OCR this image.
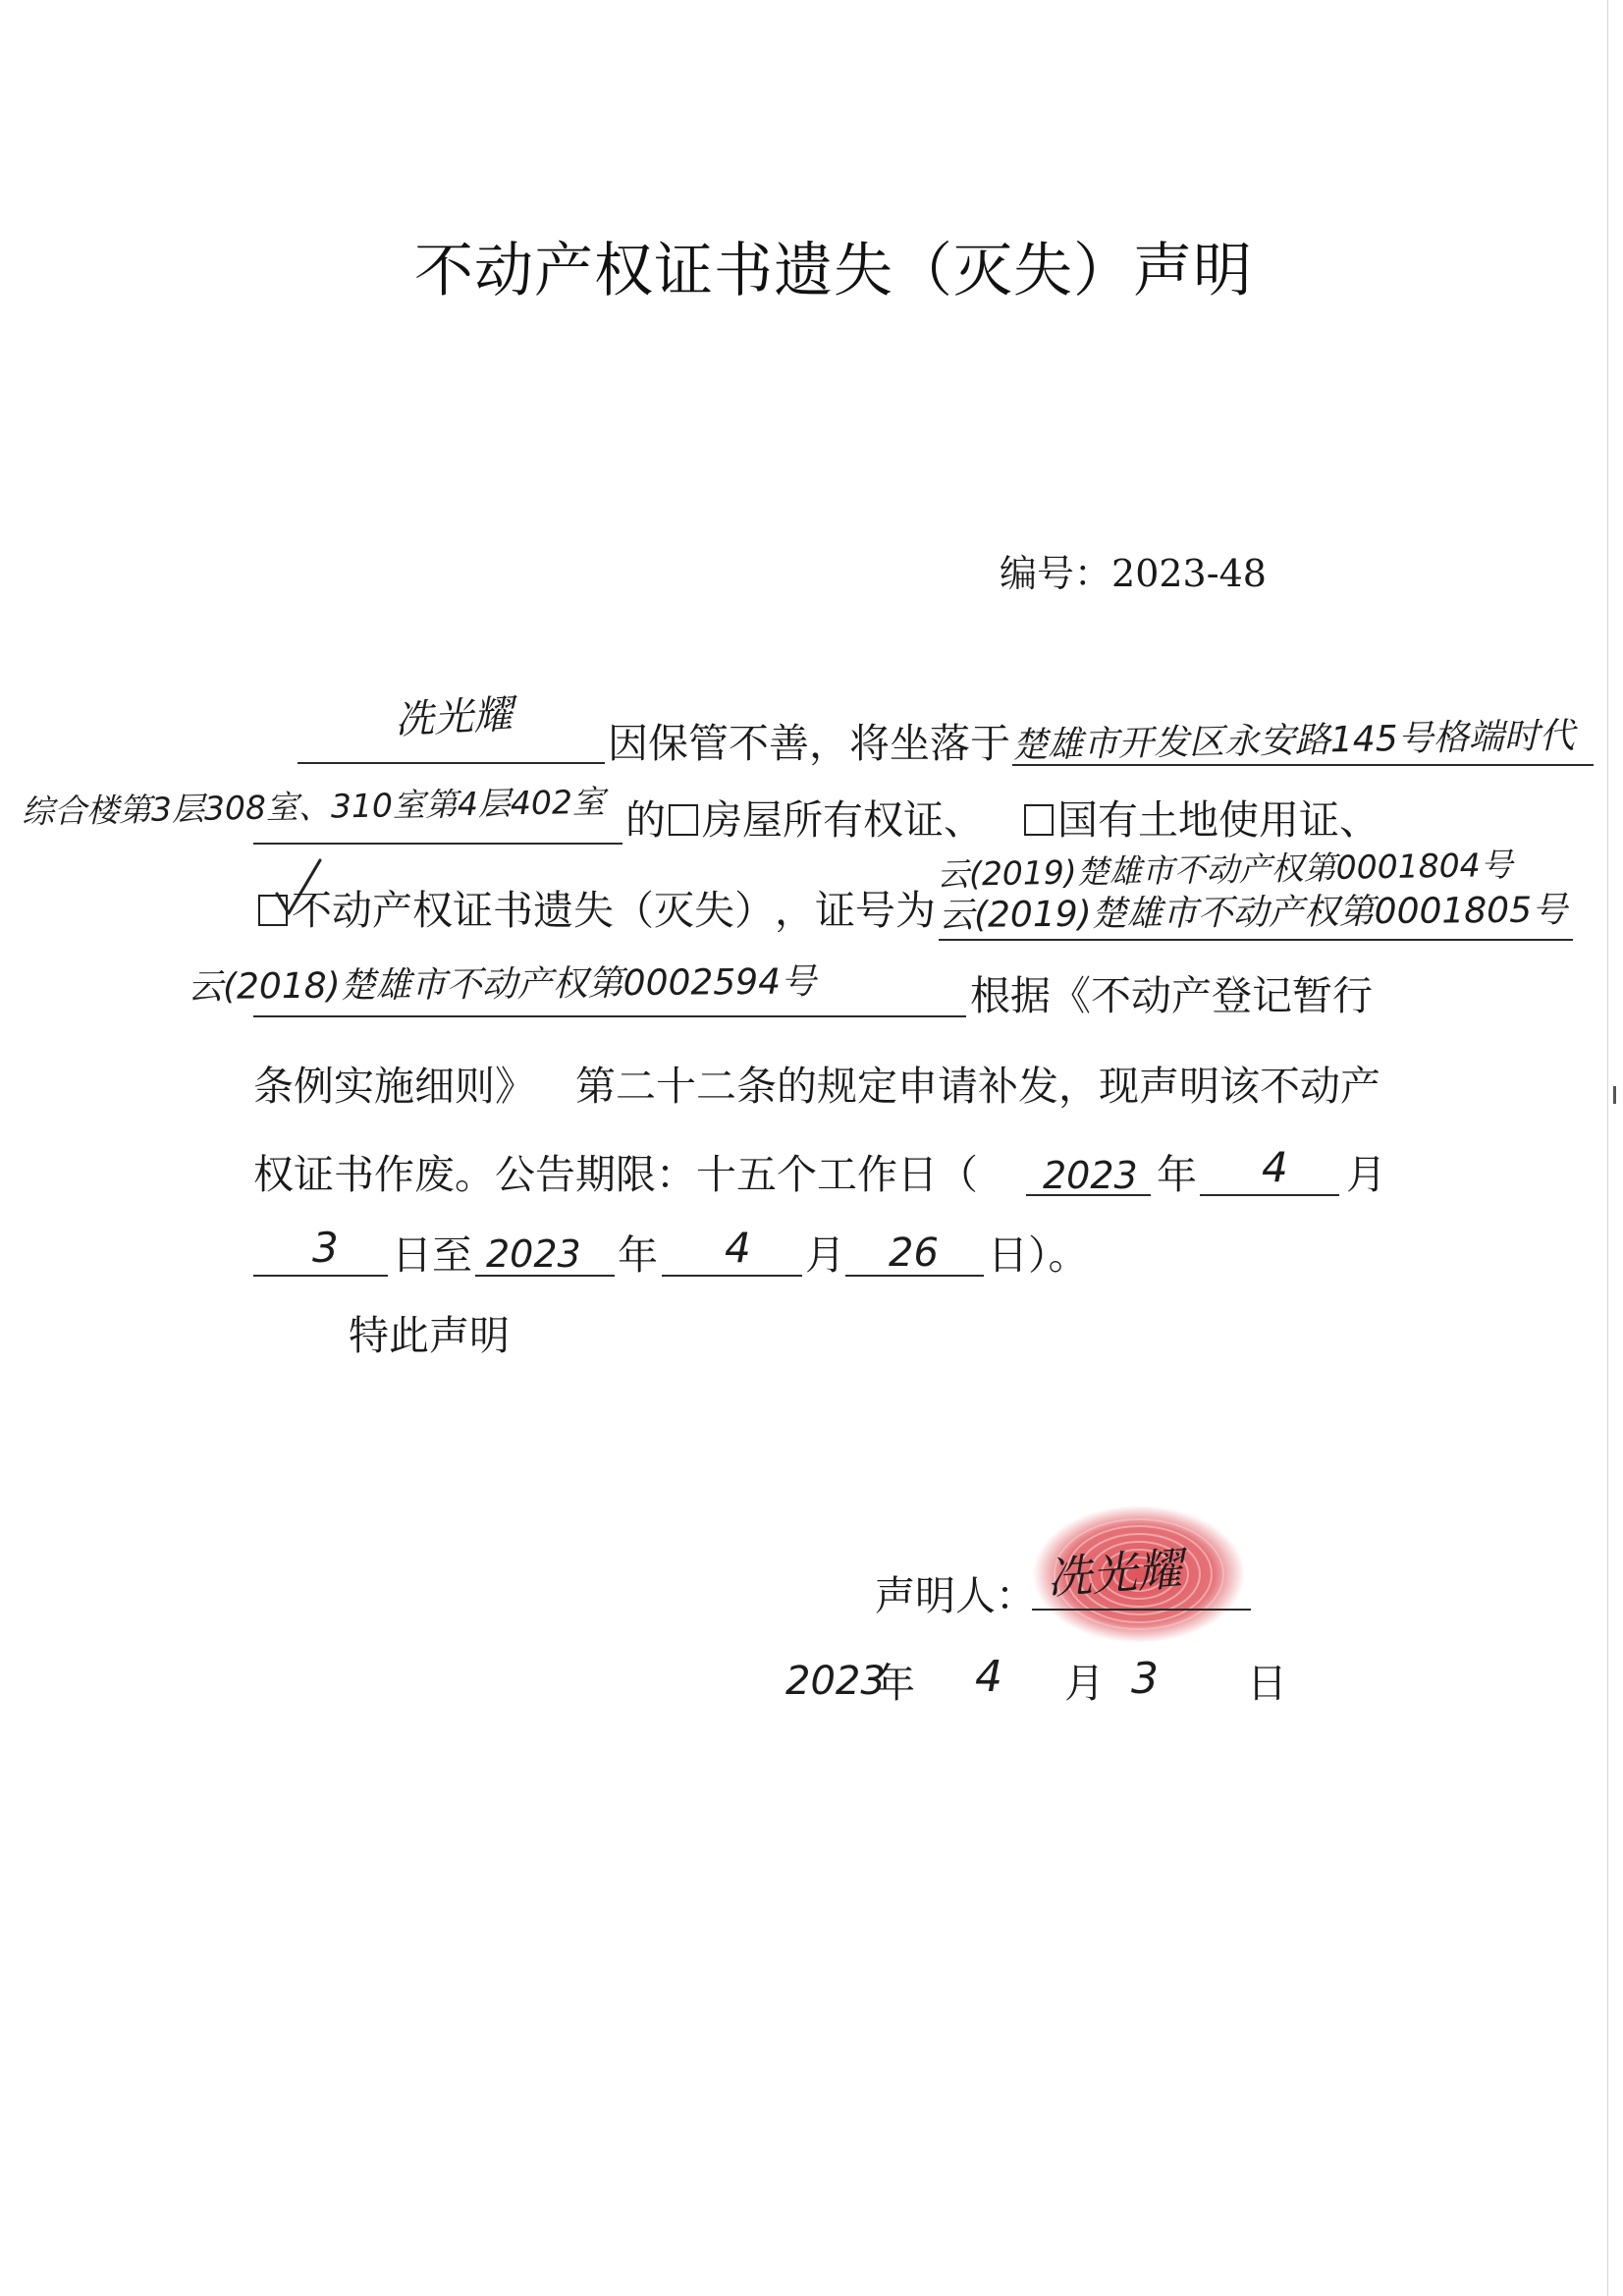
不动产权证书遗失（灭失）声明
编号：2023-48
冼光耀
因保管不善，将坐落于 楚雄市开发区永安路145号格端时代
综合楼第3层308室、310室第4层402室 的 房屋所有权证、 国有土地使用证、
云(2019)楚雄市不动产权第0001804号
不动产权证书遗失（灭失） ，证号为 云(2019)楚雄市不动产权第0001805号
云(2018)楚雄市不动产权第0002594号	根据《不动产登记暂行
条例实施细则》 第二十二条的规定申请补发，现声明该不动产
权证书作废。公告期限：十五个工作日（ 2023 年 4 月
3 日至 2023 年 4 月 26 日）。
特此声明
声明人： 冼光耀
2023
年 4 月 3 日
